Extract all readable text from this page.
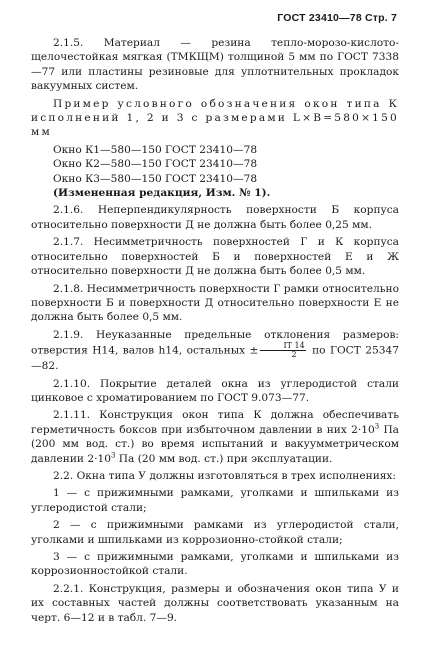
ГОСТ 23410—78 Стр. 7

2.1.5. Материал — резина тепло-морозо-кислото-щелочестойкая мягкая (ТМКЩМ) толщиной 5 мм по ГОСТ 7338—77 или пластины резиновые для уплотнительных прокладок вакуумных систем.

Пример условного обозначения окон типа К исполнений 1, 2 и 3 с размерами L×B=580×150 мм

Окно К1—580—150 ГОСТ 23410—78

Окно К2—580—150 ГОСТ 23410—78

Окно К3—580—150 ГОСТ 23410—78

(Измененная редакция, Изм. № 1).

2.1.6. Неперпендикулярность поверхности Б корпуса относительно поверхности Д не должна быть более 0,25 мм.

2.1.7. Несимметричность поверхностей Г и К корпуса относительно поверхностей Б и поверхностей Е и Ж относительно поверхности Д не должна быть более 0,5 мм.

2.1.8. Несимметричность поверхности Г рамки относительно поверхности Б и поверхности Д относительно поверхности Е не должна быть более 0,5 мм.

2.1.9. Неуказанные предельные отклонения размеров: отверстия Н14, валов h14, остальных ± $\frac{IT 14}{2}$ по ГОСТ 25347—82.

2.1.10. Покрытие деталей окна из углеродистой стали цинковое с хроматированием по ГОСТ 9.073—77.

2.1.11. Конструкция окон типа К должна обеспечивать герметичность боксов при избыточном давлении в них $2\cdot 10^3$ Па (200 мм вод. ст.) во время испытаний и вакуумметрическом давлении $2\cdot 10^3$ Па (20 мм вод. ст.) при эксплуатации.

2.2. Окна типа У должны изготовляться в трех исполнениях:

1 — с прижимными рамками, уголками и шпильками из углеродистой стали;

2 — с прижимными рамками из углеродистой стали, уголками и шпильками из коррозионно-стойкой стали;

3 — с прижимными рамками, уголками и шпильками из коррозионностойкой стали.

2.2.1. Конструкция, размеры и обозначения окон типа У и их составных частей должны соответствовать указанным на черт. 6—12 и в табл. 7—9.
